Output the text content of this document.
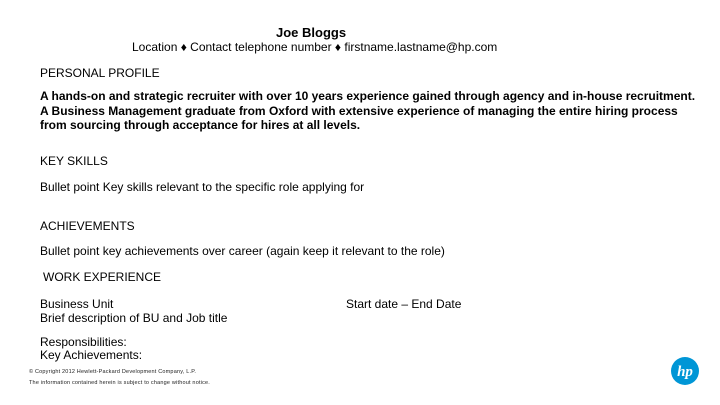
Joe Bloggs
Location ♦ Contact telephone number ♦ firstname.lastname@hp.com
PERSONAL PROFILE
A hands-on and strategic recruiter with over 10 years experience gained through agency and in-house recruitment.
A Business Management graduate from Oxford with extensive experience of managing the entire hiring process
from sourcing through acceptance for hires at all levels.
KEY SKILLS
Bullet point Key skills relevant to the specific role applying for
ACHIEVEMENTS
Bullet point key achievements over career (again keep it relevant to the role)
WORK EXPERIENCE
Business Unit
Brief description of BU and Job title
Start date – End Date
Responsibilities:
Key Achievements:
© Copyright 2012 Hewlett-Packard Development Company, L.P.
The information contained herein is subject to change without notice.
hp
